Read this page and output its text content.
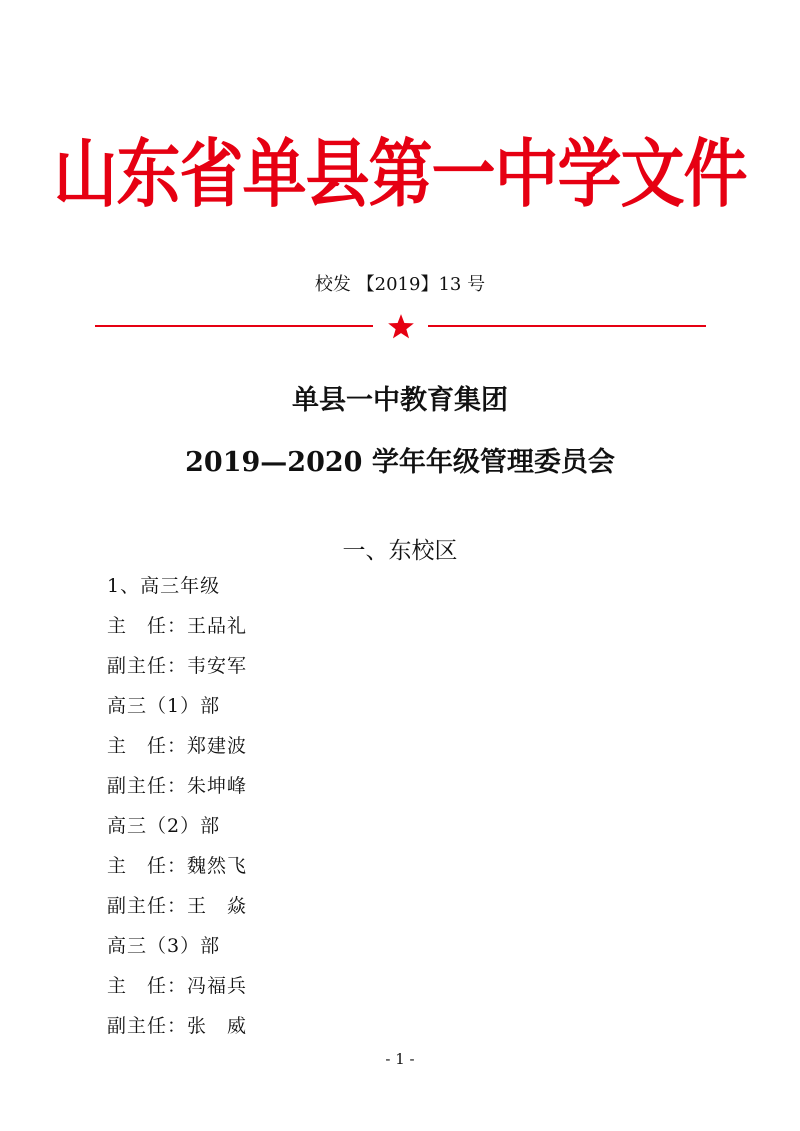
山东省单县第一中学文件
校发 【2019】13 号
单县一中教育集团
2019—2020 学年年级管理委员会
一、东校区
1、高三年级
主　任：王品礼
副主任：韦安军
高三（1）部
主　任：郑建波
副主任：朱坤峰
高三（2）部
主　任：魏然飞
副主任：王　焱
高三（3）部
主　任：冯福兵
副主任：张　威
- 1 -
